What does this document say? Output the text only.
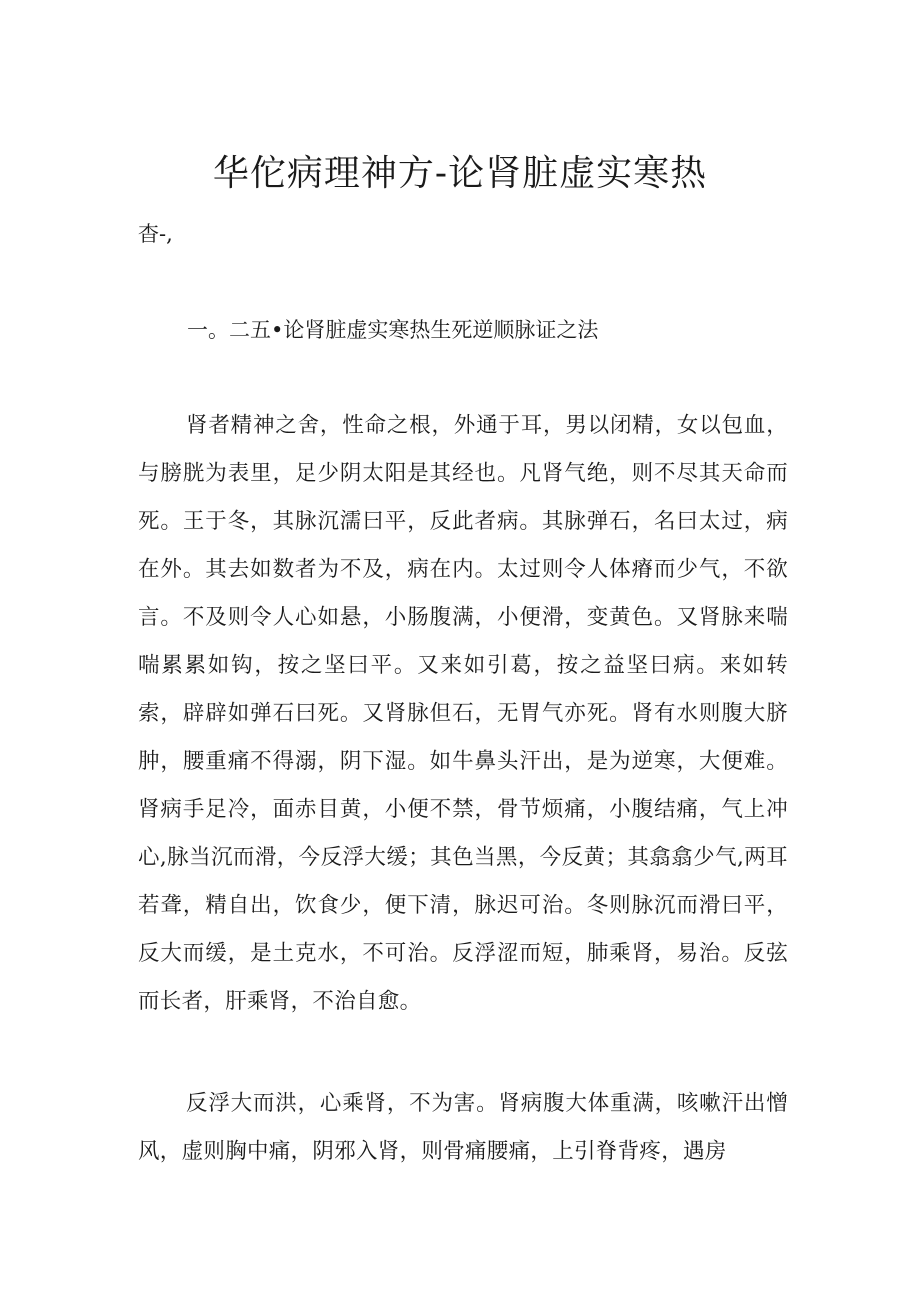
华佗病理神方-论肾脏虚实寒热

杳-,

一。二五•论肾脏虚实寒热生死逆顺脉证之法

肾者精神之舍，性命之根，外通于耳，男以闭精，女以包血，与膀胱为表里，足少阴太阳是其经也。凡肾气绝，则不尽其天命而死。王于冬，其脉沉濡曰平，反此者病。其脉弹石，名曰太过，病在外。其去如数者为不及，病在内。太过则令人体瘠而少气，不欲言。不及则令人心如悬，小肠腹满，小便滑，变黄色。又肾脉来喘喘累累如钩，按之坚曰平。又来如引葛，按之益坚曰病。来如转索，辟辟如弹石曰死。又肾脉但石，无胃气亦死。肾有水则腹大脐肿，腰重痛不得溺，阴下湿。如牛鼻头汗出，是为逆寒，大便难。肾病手足冷，面赤目黄，小便不禁，骨节烦痛，小腹结痛，气上冲心,脉当沉而滑，今反浮大缓；其色当黑，今反黄；其翕翕少气,两耳若聋，精自出，饮食少，便下清，脉迟可治。冬则脉沉而滑曰平，反大而缓，是土克水，不可治。反浮涩而短，肺乘肾，易治。反弦而长者，肝乘肾，不治自愈。

反浮大而洪，心乘肾，不为害。肾病腹大体重满，咳嗽汗出憎风，虚则胸中痛，阴邪入肾，则骨痛腰痛，上引脊背疼，遇房
